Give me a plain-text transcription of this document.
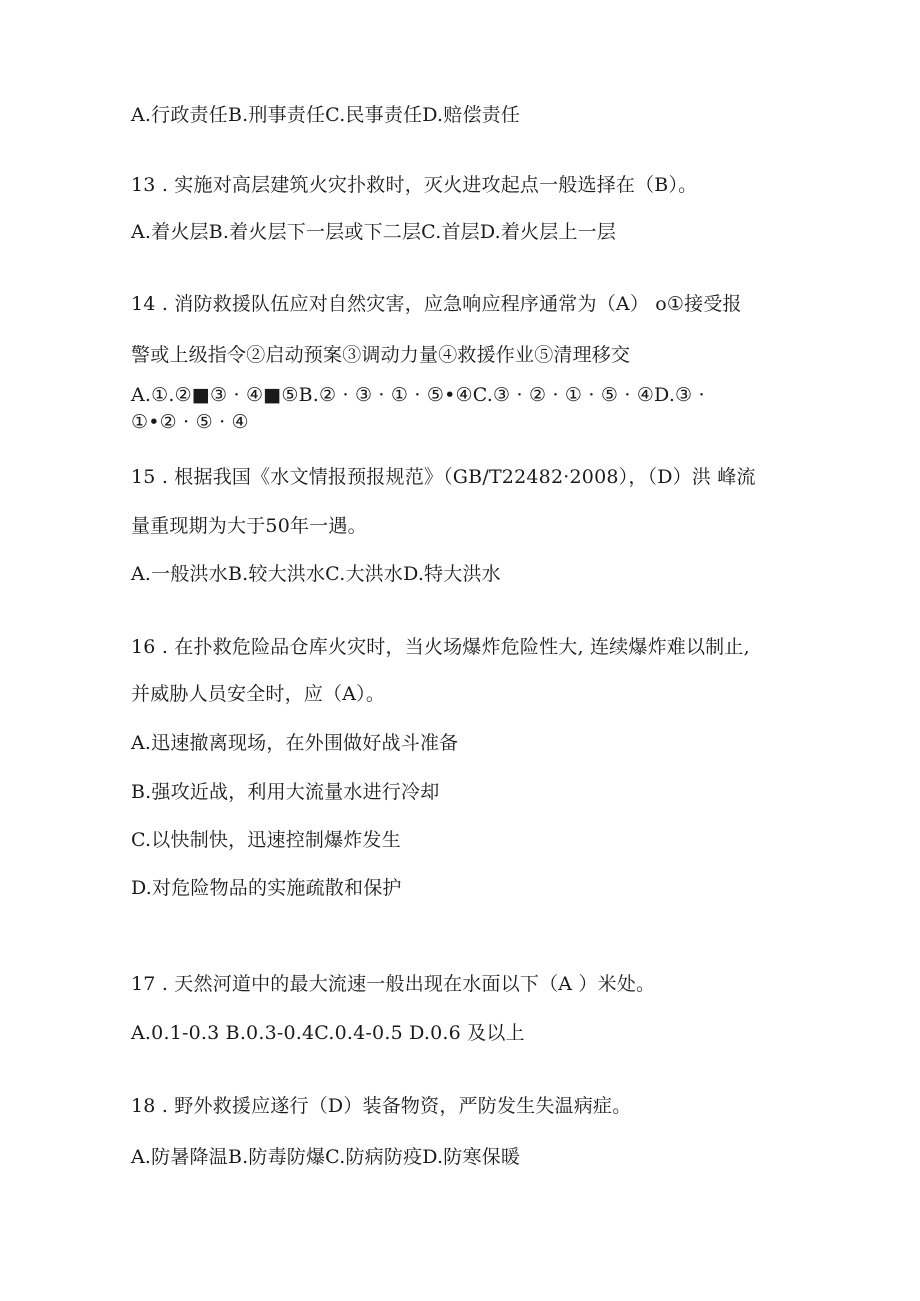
A.行政责任B.刑事责任C.民事责任D.赔偿责任
13 . 实施对高层建筑火灾扑救时，灭火进攻起点一般选择在（B）。
A.着火层B.着火层下一层或下二层C.首层D.着火层上一层
14 . 消防救援队伍应对自然灾害，应急响应程序通常为（A） o①接受报
警或上级指令②启动预案③调动力量④救援作业⑤清理移交
A.①.②■③ · ④■⑤B.② · ③ · ① · ⑤•④C.③ · ② · ① · ⑤ · ④D.③ ·
①•② · ⑤ · ④
15 . 根据我国《水文情报预报规范》（GB/T22482·2008），（D）洪 峰流
量重现期为大于50年一遇。
A.一般洪水B.较大洪水C.大洪水D.特大洪水
16 . 在扑救危险品仓库火灾时，当火场爆炸危险性大, 连续爆炸难以制止,
并威胁人员安全时，应（A）。
A.迅速撤离现场，在外围做好战斗准备
B.强攻近战，利用大流量水进行冷却
C.以快制快，迅速控制爆炸发生
D.对危险物品的实施疏散和保护
17 . 天然河道中的最大流速一般出现在水面以下（A ）米处。
A.0.1-0.3 B.0.3-0.4C.0.4-0.5 D.0.6 及以上
18 . 野外救援应遂行（D）装备物资，严防发生失温病症。
A.防暑降温B.防毒防爆C.防病防疫D.防寒保暖
